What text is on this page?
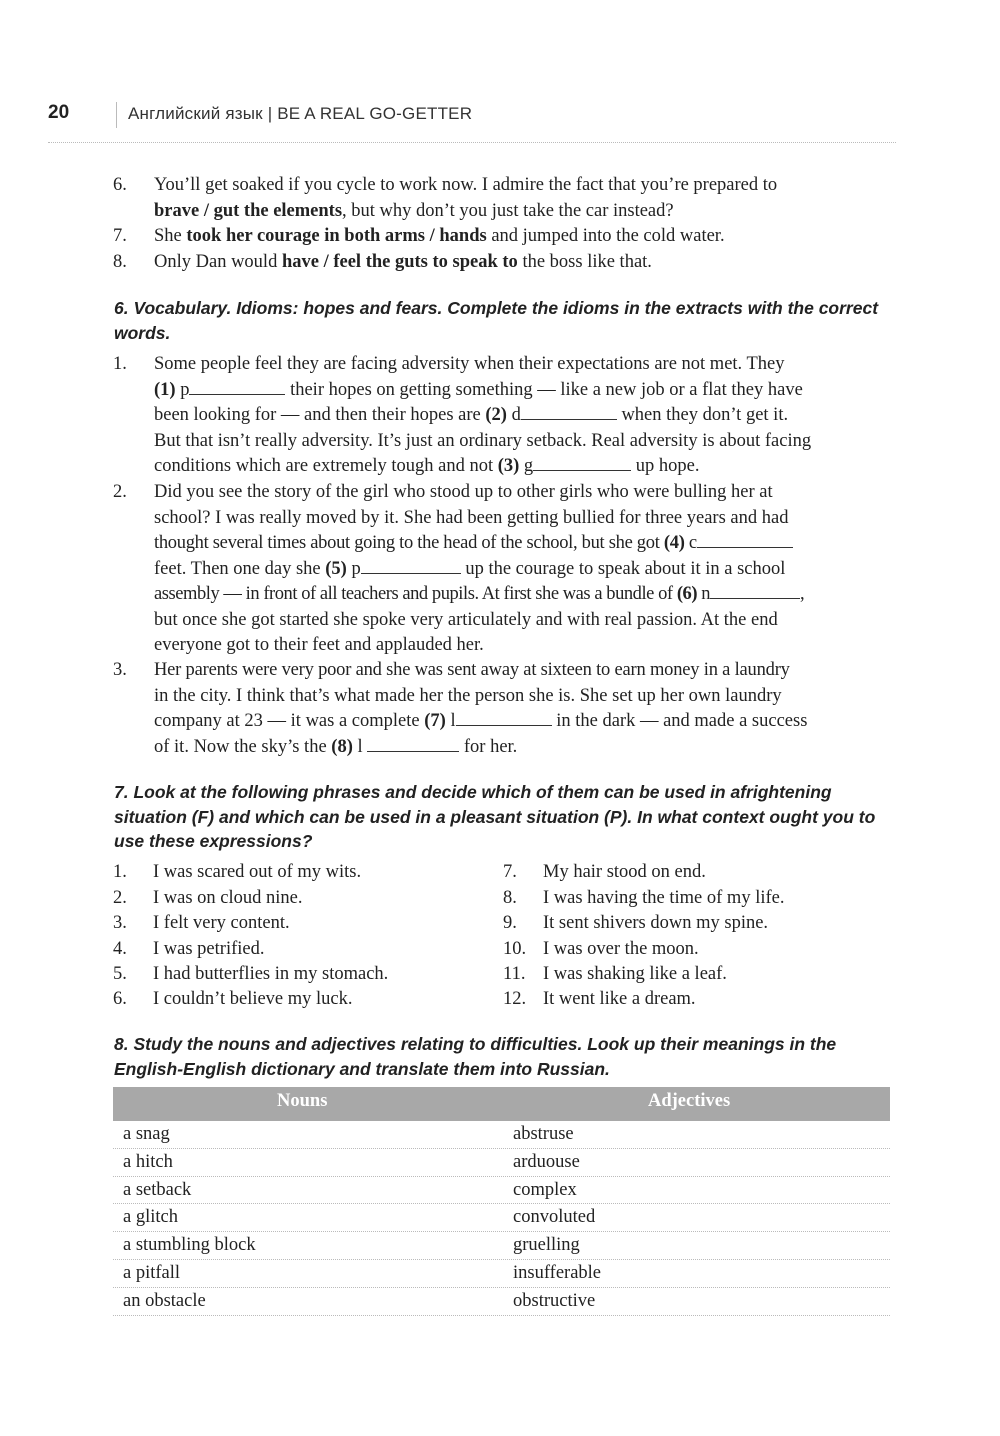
20	Английский язык | BE A REAL GO-GETTER
6. You’ll get soaked if you cycle to work now. I admire the fact that you’re prepared to
brave / gut the elements, but why don’t you just take the car instead?
7. She took her courage in both arms / hands and jumped into the cold water.
8. Only Dan would have / feel the guts to speak to the boss like that.
6. Vocabulary. Idioms: hopes and fears. Complete the idioms in the extracts with the correct words.
1. Some people feel they are facing adversity when their expectations are not met. They
(1) p	their hopes on getting something — like a new job or a flat they have
been looking for — and then their hopes are (2) d	when they don’t get it.
But that isn’t really adversity. It’s just an ordinary setback. Real adversity is about facing
conditions which are extremely tough and not (3) g	up hope.
2. Did you see the story of the girl who stood up to other girls who were bulling her at
school? I was really moved by it. She had been getting bullied for three years and had
thought several times about going to the head of the school, but she got (4) c
feet. Then one day she (5) p	up the courage to speak about it in a school
assembly — in front of all teachers and pupils. At first she was a bundle of (6) n	,
but once she got started she spoke very articulately and with real passion. At the end
everyone got to their feet and applauded her.
3. Her parents were very poor and she was sent away at sixteen to earn money in a laundry
in the city. I think that’s what made her the person she is. She set up her own laundry
company at 23 — it was a complete (7) l	in the dark — and made a success
of it. Now the sky’s the (8) l	for her.
7. Look at the following phrases and decide which of them can be used in afrightening situation (F) and which can be used in a pleasant situation (P). In what context ought you to use these expressions?
1. I was scared out of my wits.
2. I was on cloud nine.
3. I felt very content.
4. I was petrified.
5. I had butterflies in my stomach.
6. I couldn’t believe my luck.
7. My hair stood on end.
8. I was having the time of my life.
9. It sent shivers down my spine.
10. I was over the moon.
11. I was shaking like a leaf.
12. It went like a dream.
8. Study the nouns and adjectives relating to difficulties. Look up their meanings in the English-English dictionary and translate them into Russian.
Nouns	Adjectives
a snag	abstruse
a hitch	arduouse
a setback	complex
a glitch	convoluted
a stumbling block	gruelling
a pitfall	insufferable
an obstacle	obstructive
